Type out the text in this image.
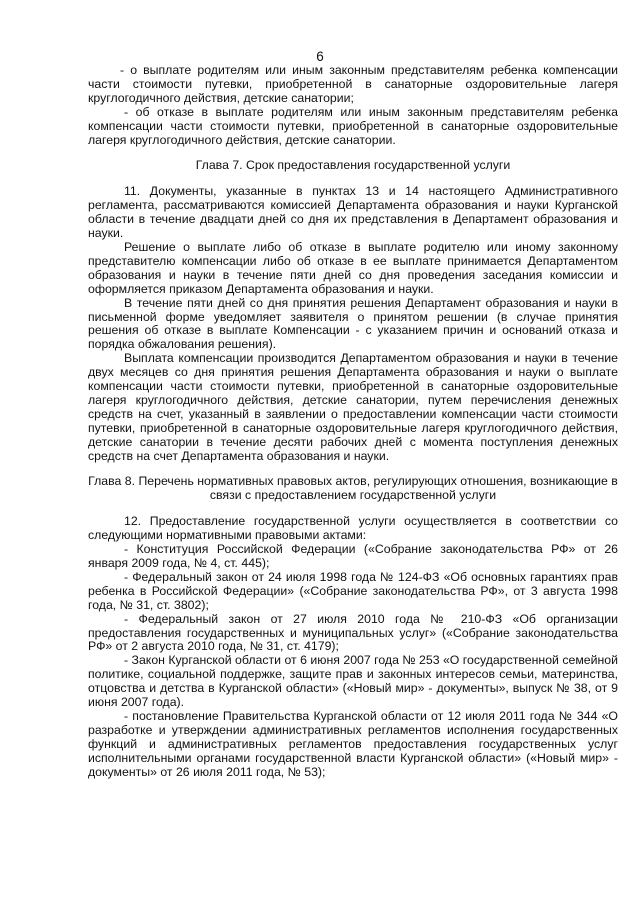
6

- о выплате родителям или иным законным представителям ребенка компенсации части стоимости путевки, приобретенной в санаторные оздоровительные лагеря круглогодичного действия, детские санатории;

- об отказе в выплате родителям или иным законным представителям ребенка компенсации части стоимости путевки, приобретенной в санаторные оздоровительные лагеря круглогодичного действия, детские санатории.

Глава 7. Срок предоставления государственной услуги

11. Документы, указанные в пунктах 13 и 14 настоящего Административного регламента, рассматриваются комиссией Департамента образования и науки Курганской области в течение двадцати дней со дня их представления в Департамент образования и науки.

Решение о выплате либо об отказе в выплате родителю или иному законному представителю компенсации либо об отказе в ее выплате принимается Департаментом образования и науки в течение пяти дней со дня проведения заседания комиссии и оформляется приказом Департамента образования и науки.

В течение пяти дней со дня принятия решения Департамент образования и науки в письменной форме уведомляет заявителя о принятом решении (в случае принятия решения об отказе в выплате Компенсации - с указанием причин и оснований отказа и порядка обжалования решения).

Выплата компенсации производится Департаментом образования и науки в течение двух месяцев со дня принятия решения Департамента образования и науки о выплате компенсации части стоимости путевки, приобретенной в санаторные оздоровительные лагеря круглогодичного действия, детские санатории, путем перечисления денежных средств на счет, указанный в заявлении о предоставлении компенсации части стоимости путевки, приобретенной в санаторные оздоровительные лагеря круглогодичного действия, детские санатории в течение десяти рабочих дней с момента поступления денежных средств на счет Департамента образования и науки.

Глава 8. Перечень нормативных правовых актов, регулирующих отношения, возникающие в связи с предоставлением государственной услуги

12. Предоставление государственной услуги осуществляется в соответствии со следующими нормативными правовыми актами:

- Конституция Российской Федерации («Собрание законодательства РФ» от 26 января 2009 года, № 4, ст. 445);

- Федеральный закон от 24 июля 1998 года № 124-ФЗ «Об основных гарантиях прав ребенка в Российской Федерации» («Собрание законодательства РФ», от 3 августа 1998 года, № 31, ст. 3802);

- Федеральный закон от 27 июля 2010 года № 210-ФЗ «Об организации предоставления государственных и муниципальных услуг» («Собрание законодательства РФ» от 2 августа 2010 года, № 31, ст. 4179);

- Закон Курганской области от 6 июня 2007 года № 253 «О государственной семейной политике, социальной поддержке, защите прав и законных интересов семьи, материнства, отцовства и детства в Курганской области» («Новый мир» - документы», выпуск № 38, от 9 июня 2007 года).

- постановление Правительства Курганской области от 12 июля 2011 года № 344 «О разработке и утверждении административных регламентов исполнения государственных функций и административных регламентов предоставления государственных услуг исполнительными органами государственной власти Курганской области» («Новый мир» - документы» от 26 июля 2011 года, № 53);
